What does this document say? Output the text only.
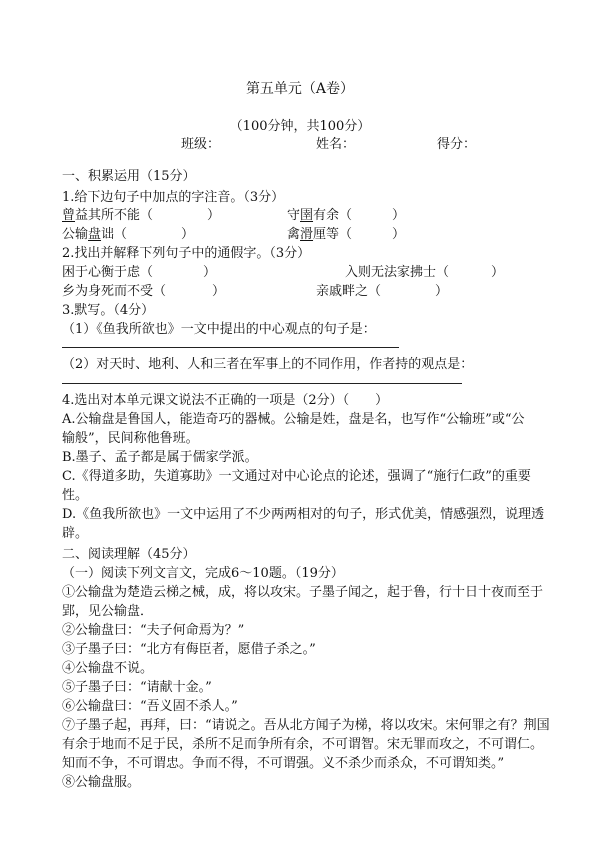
第五单元（A卷）
（100分钟，共100分）
班级：	姓名：	得分：
一、积累运用（15分）
1.给下边句子中加点的字注音。（3分）
曾益其所不能（	）	守圉有余（	）
公输盘诎（	）	禽滑厘等（	）
2.找出并解释下列句子中的通假字。（3分）
困于心衡于虑（	）	入则无法家拂士（	）
乡为身死而不受（	）	亲戚畔之（	）
3.默写。（4分）
（1）《鱼我所欲也》一文中提出的中心观点的句子是：
（2）对天时、地利、人和三者在军事上的不同作用，作者持的观点是：
4.选出对本单元课文说法不正确的一项是（2分）（　　）
A.公输盘是鲁国人，能造奇巧的器械。公输是姓，盘是名，也写作“公输班”或“公
输般”，民间称他鲁班。
B.墨子、孟子都是属于儒家学派。
C.《得道多助，失道寡助》一文通过对中心论点的论述，强调了“施行仁政”的重要
性。
D.《鱼我所欲也》一文中运用了不少两两相对的句子，形式优美，情感强烈，说理透
辟。
二、阅读理解（45分）
（一）阅读下列文言文，完成6～10题。（19分）
①公输盘为楚造云梯之械，成，将以攻宋。子墨子闻之，起于鲁，行十日十夜而至于
郢，见公输盘．
②公输盘曰：“夫子何命焉为？”
③子墨子曰：“北方有侮臣者，愿借子杀之。”
④公输盘不说。
⑤子墨子曰：“请献十金。”
⑥公输盘曰：“吾义固不杀人。”
⑦子墨子起，再拜，曰：“请说之。吾从北方闻子为梯，将以攻宋。宋何罪之有？荆国
有余于地而不足于民，杀所不足而争所有余，不可谓智。宋无罪而攻之，不可谓仁。
知而不争，不可谓忠。争而不得，不可谓强。义不杀少而杀众，不可谓知类。”
⑧公输盘服。
